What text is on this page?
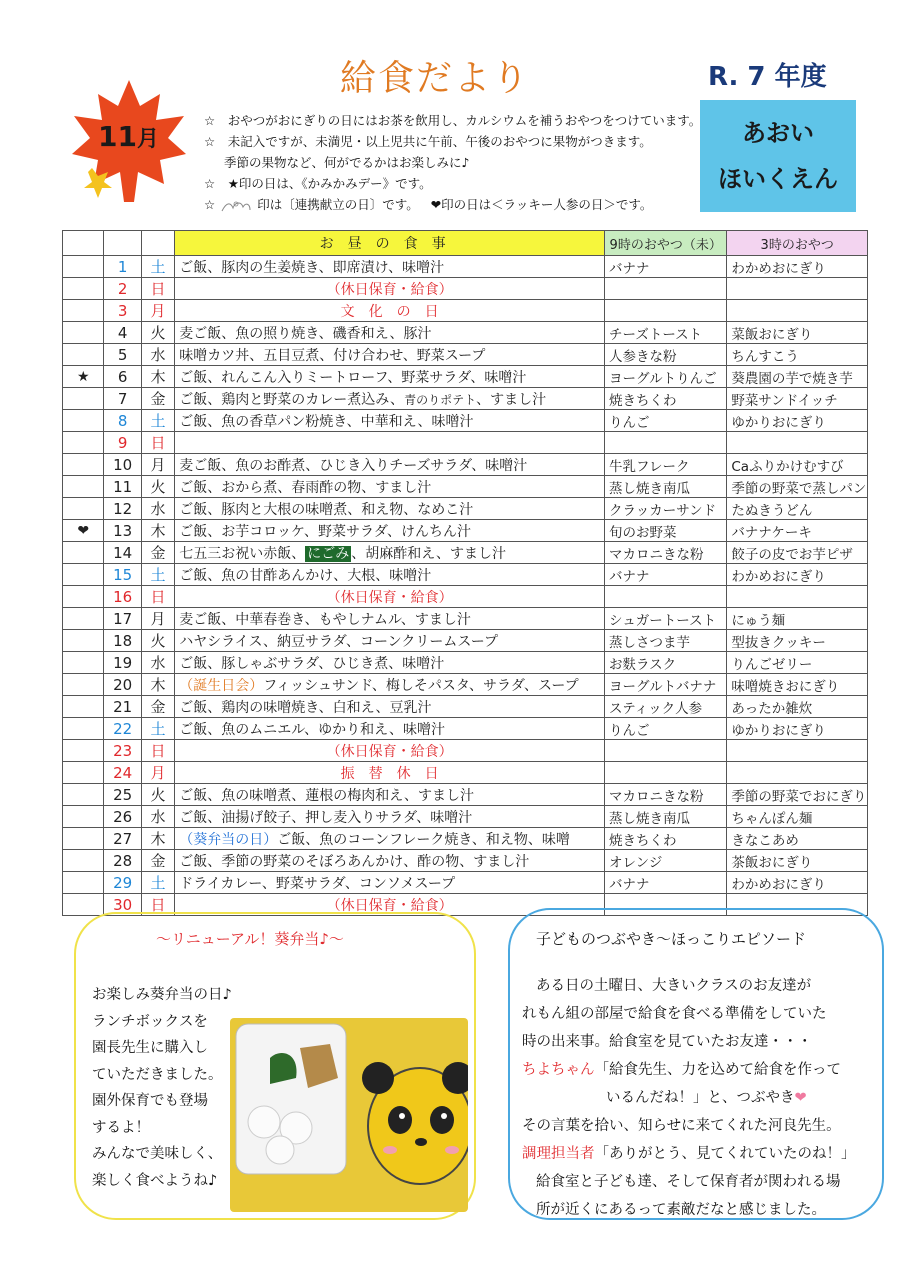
給食だより	R. 7 年度
あおい
ほいくえん
11月
☆　おやつがおにぎりの日にはお茶を飲用し、カルシウムを補うおやつをつけています。
☆　未記入ですが、未満児・以上児共に午前、午後のおやつに果物がつきます。
季節の果物など、何がでるかはお楽しみに♪
☆　★印の日は、《かみかみデー》です。
☆	印は〔連携献立の日〕です。 ❤印の日は＜ラッキー人参の日＞です。
			お昼の食事	9時のおやつ（未）	3時のおやつ
	1	土	ご飯、豚肉の生姜焼き、即席漬け、味噌汁	バナナ	わかめおにぎり
	2	日	（休日保育・給食）		
	3	月	文　化　の　日		
	4	火	麦ご飯、魚の照り焼き、磯香和え、豚汁	チーズトースト	菜飯おにぎり
	5	水	味噌カツ丼、五目豆煮、付け合わせ、野菜スープ	人参きな粉	ちんすこう
★	6	木	ご飯、れんこん入りミートローフ、野菜サラダ、味噌汁	ヨーグルトりんご	葵農園の芋で焼き芋
	7	金	ご飯、鶏肉と野菜のカレー煮込み、青のりポテト、すまし汁	焼きちくわ	野菜サンドイッチ
	8	土	ご飯、魚の香草パン粉焼き、中華和え、味噌汁	りんご	ゆかりおにぎり
	9	日			
	10	月	麦ご飯、魚のお酢煮、ひじき入りチーズサラダ、味噌汁	牛乳フレーク	Caふりかけむすび
	11	火	ご飯、おから煮、春雨酢の物、すまし汁	蒸し焼き南瓜	季節の野菜で蒸しパン
	12	水	ご飯、豚肉と大根の味噌煮、和え物、なめこ汁	クラッカーサンド	たぬきうどん
❤	13	木	ご飯、お芋コロッケ、野菜サラダ、けんちん汁	旬のお野菜	バナナケーキ
	14	金	七五三お祝い赤飯、 にごみ 、胡麻酢和え、すまし汁	マカロニきな粉	餃子の皮でお芋ピザ
	15	土	ご飯、魚の甘酢あんかけ、大根、味噌汁	バナナ	わかめおにぎり
	16	日	（休日保育・給食）		
	17	月	麦ご飯、中華春巻き、もやしナムル、すまし汁	シュガートースト	にゅう麺
	18	火	ハヤシライス、納豆サラダ、コーンクリームスープ	蒸しさつま芋	型抜きクッキー
	19	水	ご飯、豚しゃぶサラダ、ひじき煮、味噌汁	お麩ラスク	りんごゼリー
	20	木	（誕生日会）フィッシュサンド、梅しそパスタ、サラダ、スープ	ヨーグルトバナナ	味噌焼きおにぎり
	21	金	ご飯、鶏肉の味噌焼き、白和え、豆乳汁	スティック人参	あったか雑炊
	22	土	ご飯、魚のムニエル、ゆかり和え、味噌汁	りんご	ゆかりおにぎり
	23	日	（休日保育・給食）		
	24	月	振　替　休　日		
	25	火	ご飯、魚の味噌煮、蓮根の梅肉和え、すまし汁	マカロニきな粉	季節の野菜でおにぎり
	26	水	ご飯、油揚げ餃子、押し麦入りサラダ、味噌汁	蒸し焼き南瓜	ちゃんぽん麺
	27	木	（葵弁当の日）ご飯、魚のコーンフレーク焼き、和え物、味噌	焼きちくわ	きなこあめ
	28	金	ご飯、季節の野菜のそぼろあんかけ、酢の物、すまし汁	オレンジ	茶飯おにぎり
	29	土	ドライカレー、野菜サラダ、コンソメスープ	バナナ	わかめおにぎり
	30	日	（休日保育・給食）		
〜リニューアル！葵弁当♪〜
お楽しみ葵弁当の日♪
ランチボックスを
園長先生に購入し
ていただきました。
園外保育でも登場
するよ！
みんなで美味しく、
楽しく食べようね♪
子どものつぶやき〜ほっこりエピソード
ある日の土曜日、大きいクラスのお友達が
れもん組の部屋で給食を食べる準備をしていた
時の出来事。給食室を見ていたお友達・・・
ちよちゃん「給食先生、力を込めて給食を作って
いるんだね！」と、つぶやき❤
その言葉を拾い、知らせに来てくれた河良先生。
調理担当者「ありがとう、見てくれていたのね！」
給食室と子ども達、そして保育者が関われる場
所が近くにあるって素敵だなと感じました。
